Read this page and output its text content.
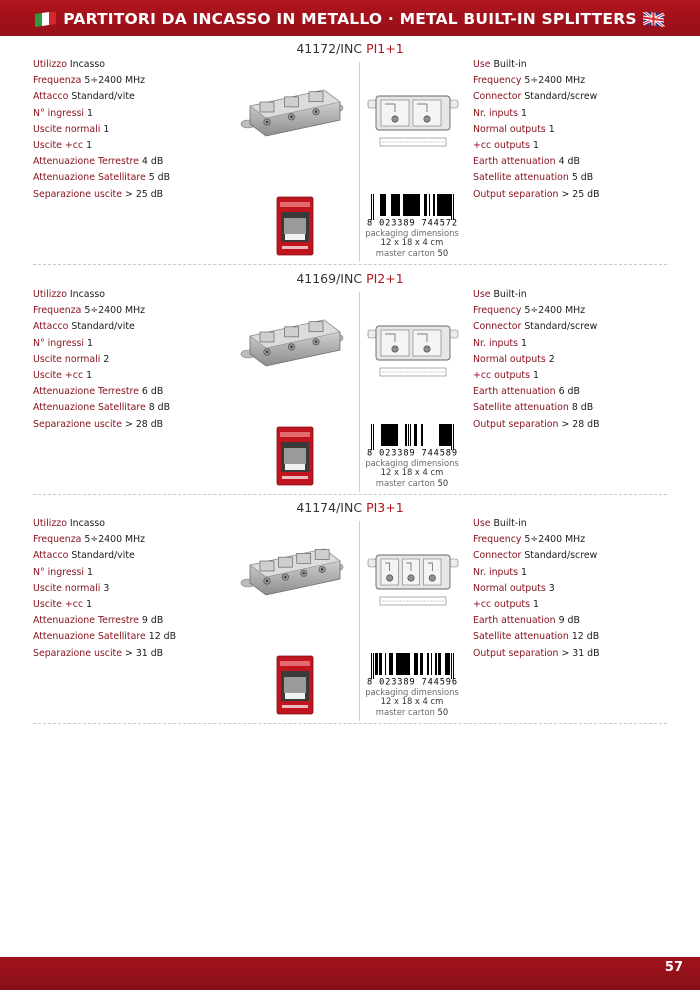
PARTITORI DA INCASSO IN METALLO · METAL BUILT-IN SPLITTERS
41172/INC PI1+1
Utilizzo Incasso
Frequenza 5÷2400 MHz
Attacco Standard/vite
N° ingressi 1
Uscite normali 1
Uscite +cc 1
Attenuazione Terrestre 4 dB
Attenuazione Satellitare 5 dB
Separazione uscite > 25 dB
Use Built-in
Frequency 5÷2400 MHz
Connector Standard/screw
Nr. inputs 1
Normal outputs 1
+cc outputs 1
Earth attenuation 4 dB
Satellite attenuation 5 dB
Output separation > 25 dB
8 023389 744572
packaging dimensions
12 x 18 x 4 cm
master carton 50
41169/INC PI2+1
Utilizzo Incasso
Frequenza 5÷2400 MHz
Attacco Standard/vite
N° ingressi 1
Uscite normali 2
Uscite +cc 1
Attenuazione Terrestre 6 dB
Attenuazione Satellitare 8 dB
Separazione uscite > 28 dB
Use Built-in
Frequency 5÷2400 MHz
Connector Standard/screw
Nr. inputs 1
Normal outputs 2
+cc outputs 1
Earth attenuation 6 dB
Satellite attenuation 8 dB
Output separation > 28 dB
8 023389 744589
packaging dimensions
12 x 18 x 4 cm
master carton 50
41174/INC PI3+1
Utilizzo Incasso
Frequenza 5÷2400 MHz
Attacco Standard/vite
N° ingressi 1
Uscite normali 3
Uscite +cc 1
Attenuazione Terrestre 9 dB
Attenuazione Satellitare 12 dB
Separazione uscite > 31 dB
Use Built-in
Frequency 5÷2400 MHz
Connector Standard/screw
Nr. inputs 1
Normal outputs 3
+cc outputs 1
Earth attenuation 9 dB
Satellite attenuation 12 dB
Output separation > 31 dB
8 023389 744596
packaging dimensions
12 x 18 x 4 cm
master carton 50
57
